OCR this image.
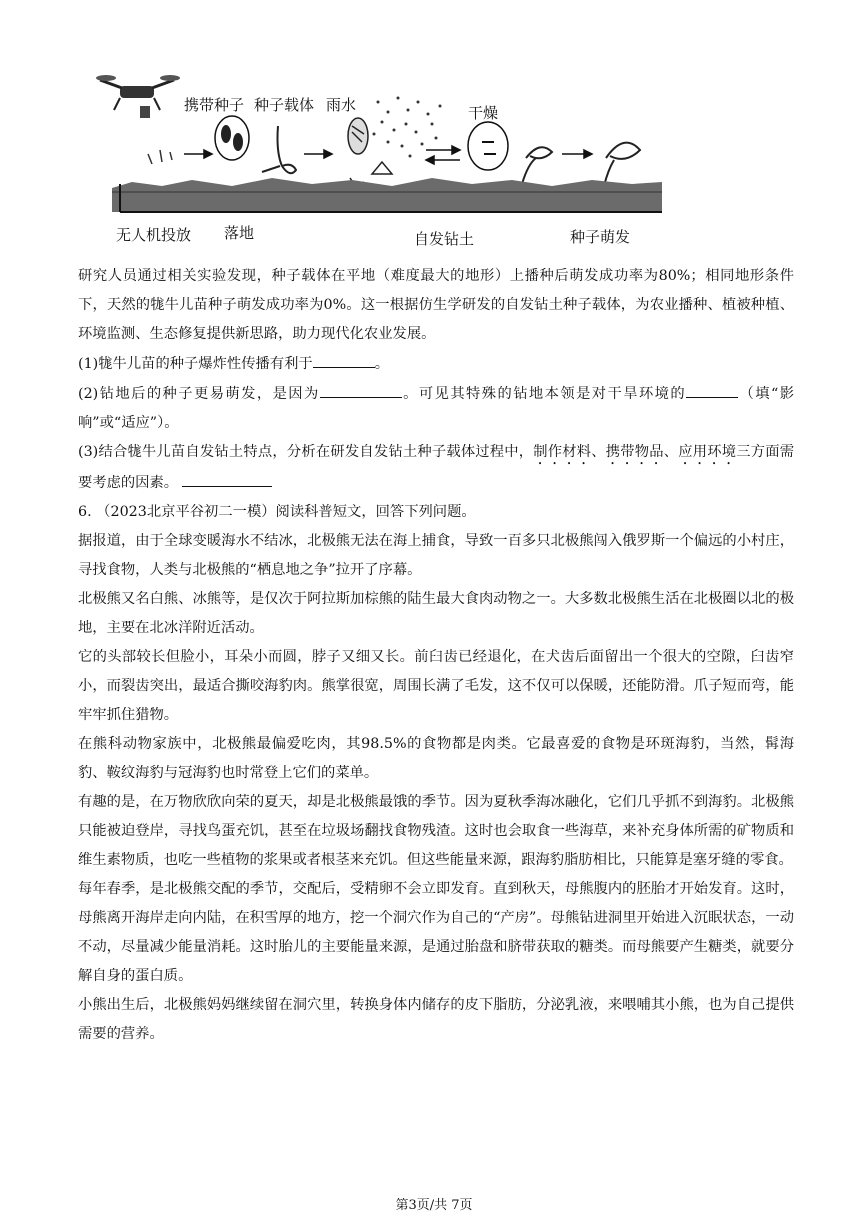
携带种子 种子载体 雨水	干燥
无人机投放 落地	自发钻土	种子萌发

研究人员通过相关实验发现，种子载体在平地（难度最大的地形）上播种后萌发成功率为80%；相同地形条件下，天然的牻牛儿苗种子萌发成功率为0%。这一根据仿生学研发的自发钻土种子载体，为农业播种、植被种植、环境监测、生态修复提供新思路，助力现代化农业发展。

(1)牻牛儿苗的种子爆炸性传播有利于	。

(2)钻地后的种子更易萌发，是因为	。可见其特殊的钻地本领是对干旱环境的	（填“影响”或“适应”）。

(3)结合牻牛儿苗自发钻土特点，分析在研发自发钻土种子载体过程中，制作材料、携带物品、应用环境三方面需要考虑的因素。

6. （2023北京平谷初二一模）阅读科普短文，回答下列问题。

据报道，由于全球变暖海水不结冰，北极熊无法在海上捕食，导致一百多只北极熊闯入俄罗斯一个偏远的小村庄，寻找食物，人类与北极熊的“栖息地之争”拉开了序幕。

北极熊又名白熊、冰熊等，是仅次于阿拉斯加棕熊的陆生最大食肉动物之一。大多数北极熊生活在北极圈以北的极地，主要在北冰洋附近活动。

它的头部较长但脸小，耳朵小而圆，脖子又细又长。前臼齿已经退化，在犬齿后面留出一个很大的空隙，臼齿窄小，而裂齿突出，最适合撕咬海豹肉。熊掌很宽，周围长满了毛发，这不仅可以保暖，还能防滑。爪子短而弯，能牢牢抓住猎物。

在熊科动物家族中，北极熊最偏爱吃肉，其98.5%的食物都是肉类。它最喜爱的食物是环斑海豹，当然，髯海豹、鞍纹海豹与冠海豹也时常登上它们的菜单。

有趣的是，在万物欣欣向荣的夏天，却是北极熊最饿的季节。因为夏秋季海冰融化，它们几乎抓不到海豹。北极熊只能被迫登岸，寻找鸟蛋充饥，甚至在垃圾场翻找食物残渣。这时也会取食一些海草，来补充身体所需的矿物质和维生素物质，也吃一些植物的浆果或者根茎来充饥。但这些能量来源，跟海豹脂肪相比，只能算是塞牙缝的零食。

每年春季，是北极熊交配的季节，交配后，受精卵不会立即发育。直到秋天，母熊腹内的胚胎才开始发育。这时，母熊离开海岸走向内陆，在积雪厚的地方，挖一个洞穴作为自己的“产房”。母熊钻进洞里开始进入沉眠状态，一动不动，尽量减少能量消耗。这时胎儿的主要能量来源，是通过胎盘和脐带获取的糖类。而母熊要产生糖类，就要分解自身的蛋白质。

小熊出生后，北极熊妈妈继续留在洞穴里，转换身体内储存的皮下脂肪，分泌乳液，来喂哺其小熊，也为自己提供需要的营养。

第3页/共 7页
